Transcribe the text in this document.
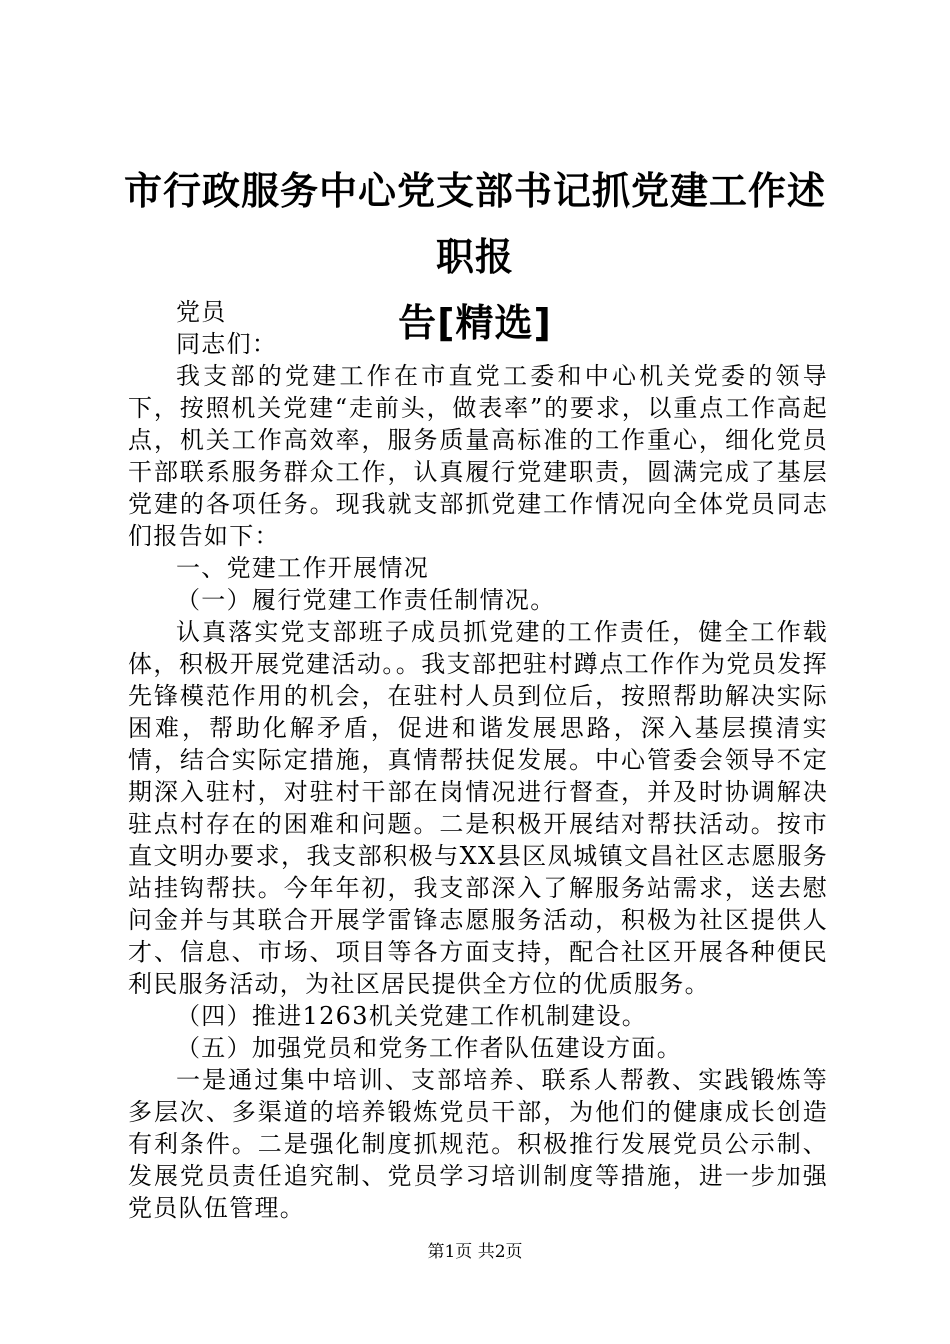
市行政服务中心党支部书记抓党建工作述职报
告[精选]

党员

同志们：

我支部的党建工作在市直党工委和中心机关党委的领导下，按照机关党建“走前头，做表率”的要求，以重点工作高起点，机关工作高效率，服务质量高标准的工作重心，细化党员干部联系服务群众工作，认真履行党建职责，圆满完成了基层党建的各项任务。现我就支部抓党建工作情况向全体党员同志们报告如下：

一、党建工作开展情况

（一）履行党建工作责任制情况。

认真落实党支部班子成员抓党建的工作责任，健全工作载体，积极开展党建活动。。我支部把驻村蹲点工作作为党员发挥先锋模范作用的机会，在驻村人员到位后，按照帮助解决实际困难，帮助化解矛盾，促进和谐发展思路，深入基层摸清实情，结合实际定措施，真情帮扶促发展。中心管委会领导不定期深入驻村，对驻村干部在岗情况进行督查，并及时协调解决驻点村存在的困难和问题。二是积极开展结对帮扶活动。按市直文明办要求，我支部积极与XX县区凤城镇文昌社区志愿服务站挂钩帮扶。今年年初，我支部深入了解服务站需求，送去慰问金并与其联合开展学雷锋志愿服务活动，积极为社区提供人才、信息、市场、项目等各方面支持，配合社区开展各种便民利民服务活动，为社区居民提供全方位的优质服务。

（四）推进1263机关党建工作机制建设。

（五）加强党员和党务工作者队伍建设方面。

一是通过集中培训、支部培养、联系人帮教、实践锻炼等多层次、多渠道的培养锻炼党员干部，为他们的健康成长创造有利条件。二是强化制度抓规范。积极推行发展党员公示制、发展党员责任追究制、党员学习培训制度等措施，进一步加强党员队伍管理。

第1页 共2页
